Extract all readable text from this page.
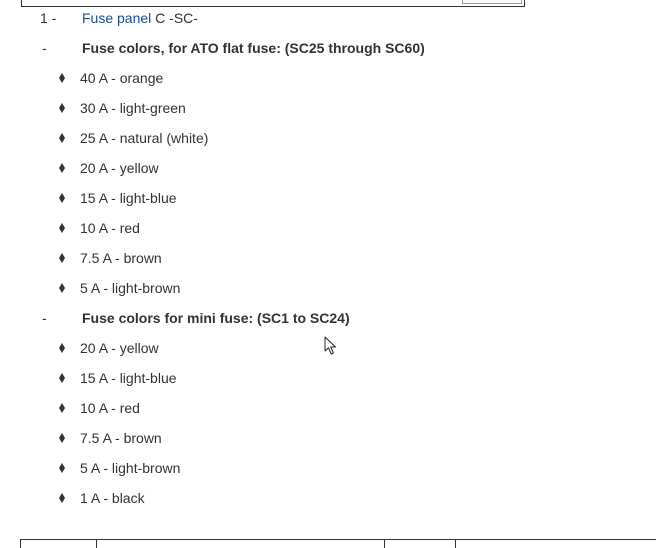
1 - Fuse panel C -SC-
-	Fuse colors, for ATO flat fuse: (SC25 through SC60)
40 A - orange
30 A - light-green
25 A - natural (white)
20 A - yellow
15 A - light-blue
10 A - red
7.5 A - brown
5 A - light-brown
-	Fuse colors for mini fuse: (SC1 to SC24)
20 A - yellow
15 A - light-blue
10 A - red
7.5 A - brown
5 A - light-brown
1 A - black
